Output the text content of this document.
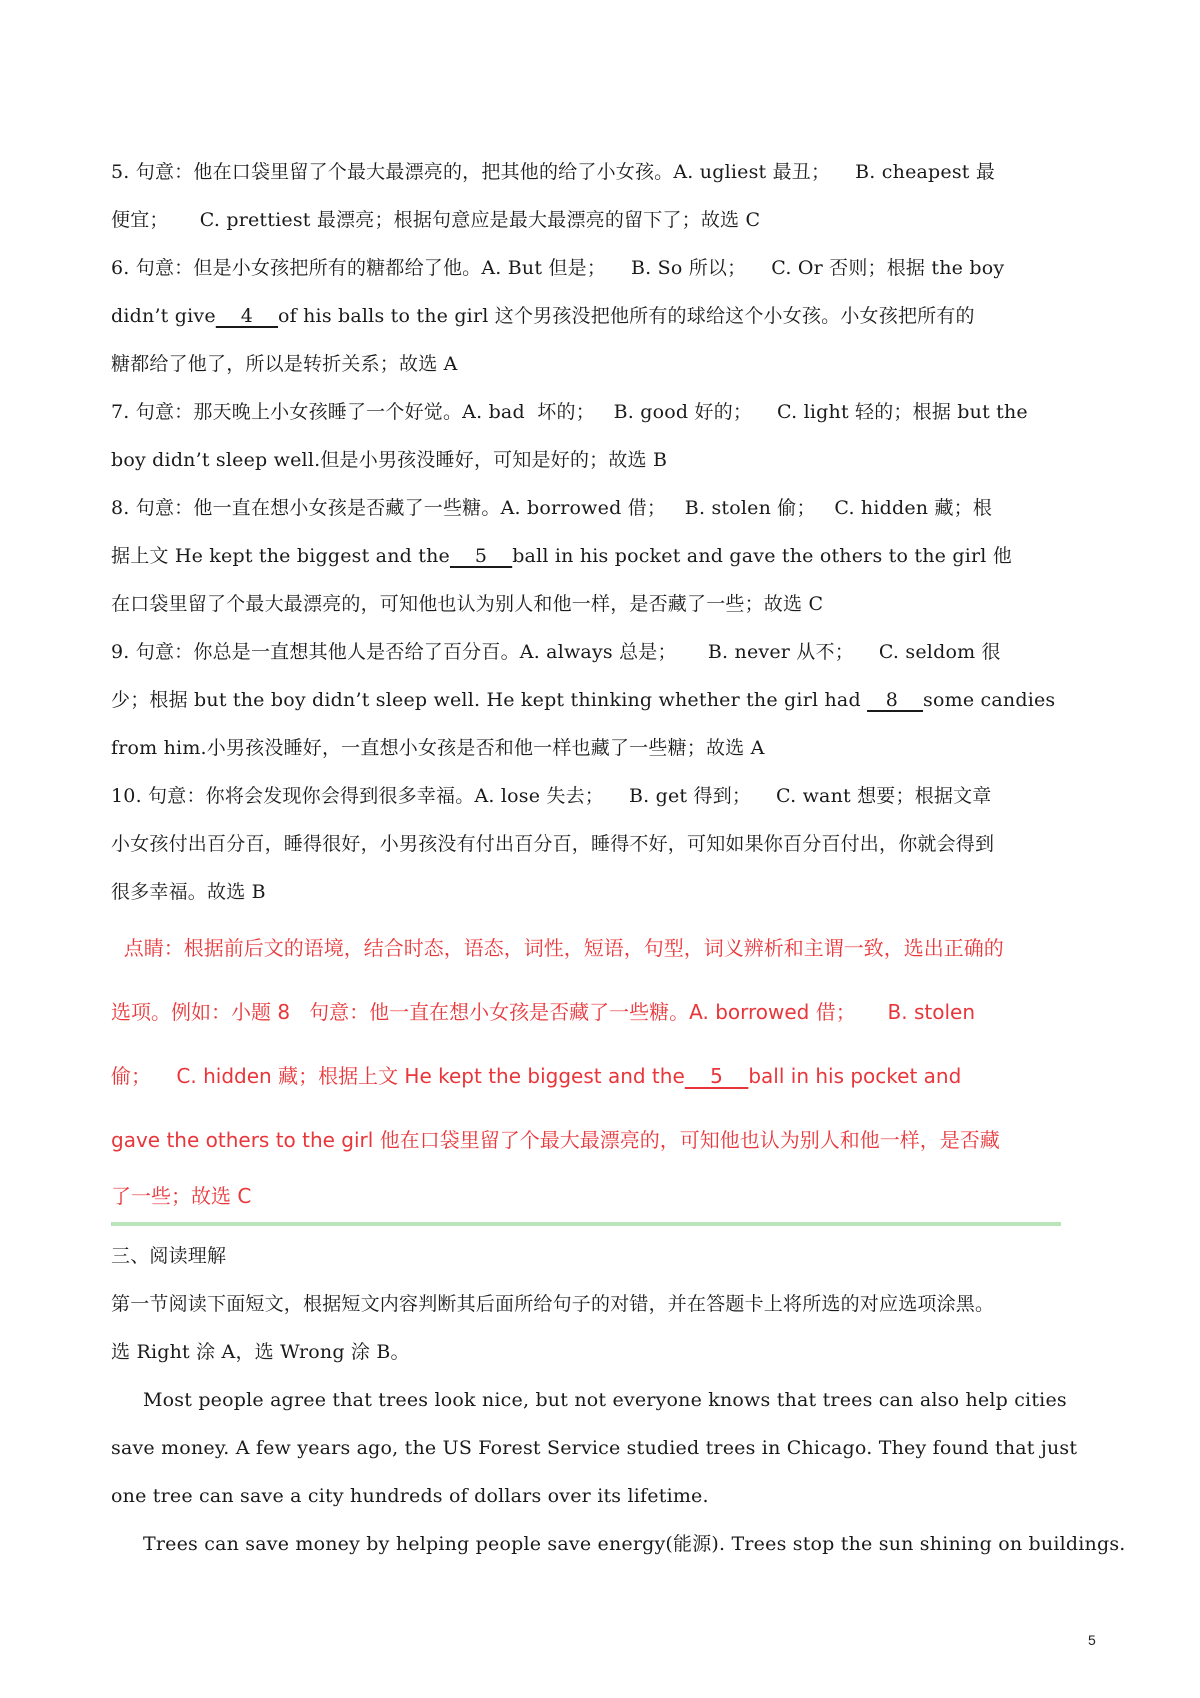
5. 句意：他在口袋里留了个最大最漂亮的，把其他的给了小女孩。A. ugliest 最丑；    B. cheapest 最
便宜；     C. prettiest 最漂亮；根据句意应是最大最漂亮的留下了；故选 C
6. 句意：但是小女孩把所有的糖都给了他。A. But 但是；    B. So 所以；    C. Or 否则；根据 the boy
didn’t give    4    of his balls to the girl 这个男孩没把他所有的球给这个小女孩。小女孩把所有的
糖都给了他了，所以是转折关系；故选 A
7. 句意：那天晚上小女孩睡了一个好觉。A. bad  坏的；   B. good 好的；    C. light 轻的；根据 but the
boy didn’t sleep well.但是小男孩没睡好，可知是好的；故选 B
8. 句意：他一直在想小女孩是否藏了一些糖。A. borrowed 借；   B. stolen 偷；   C. hidden 藏；根
据上文 He kept the biggest and the    5    ball in his pocket and gave the others to the girl 他
在口袋里留了个最大最漂亮的，可知他也认为别人和他一样，是否藏了一些；故选 C
9. 句意：你总是一直想其他人是否给了百分百。A. always 总是；     B. never 从不；    C. seldom 很
少；根据 but the boy didn’t sleep well. He kept thinking whether the girl had    8    some candies
from him.小男孩没睡好，一直想小女孩是否和他一样也藏了一些糖；故选 A
10. 句意：你将会发现你会得到很多幸福。A. lose 失去；    B. get 得到；    C. want 想要；根据文章
小女孩付出百分百，睡得很好，小男孩没有付出百分百，睡得不好，可知如果你百分百付出，你就会得到
很多幸福。故选 B
点睛：根据前后文的语境，结合时态，语态，词性，短语，句型，词义辨析和主谓一致，选出正确的
选项。例如：小题 8   句意：他一直在想小女孩是否藏了一些糖。A. borrowed 借；     B. stolen
偷；    C. hidden 藏；根据上文 He kept the biggest and the    5    ball in his pocket and
gave the others to the girl 他在口袋里留了个最大最漂亮的，可知他也认为别人和他一样，是否藏
了一些；故选 C
三、阅读理解
第一节阅读下面短文，根据短文内容判断其后面所给句子的对错，并在答题卡上将所选的对应选项涂黑。
选 Right 涂 A，选 Wrong 涂 B。
Most people agree that trees look nice, but not everyone knows that trees can also help cities
save money. A few years ago, the US Forest Service studied trees in Chicago. They found that just
one tree can save a city hundreds of dollars over its lifetime.
Trees can save money by helping people save energy(能源). Trees stop the sun shining on buildings.
5
